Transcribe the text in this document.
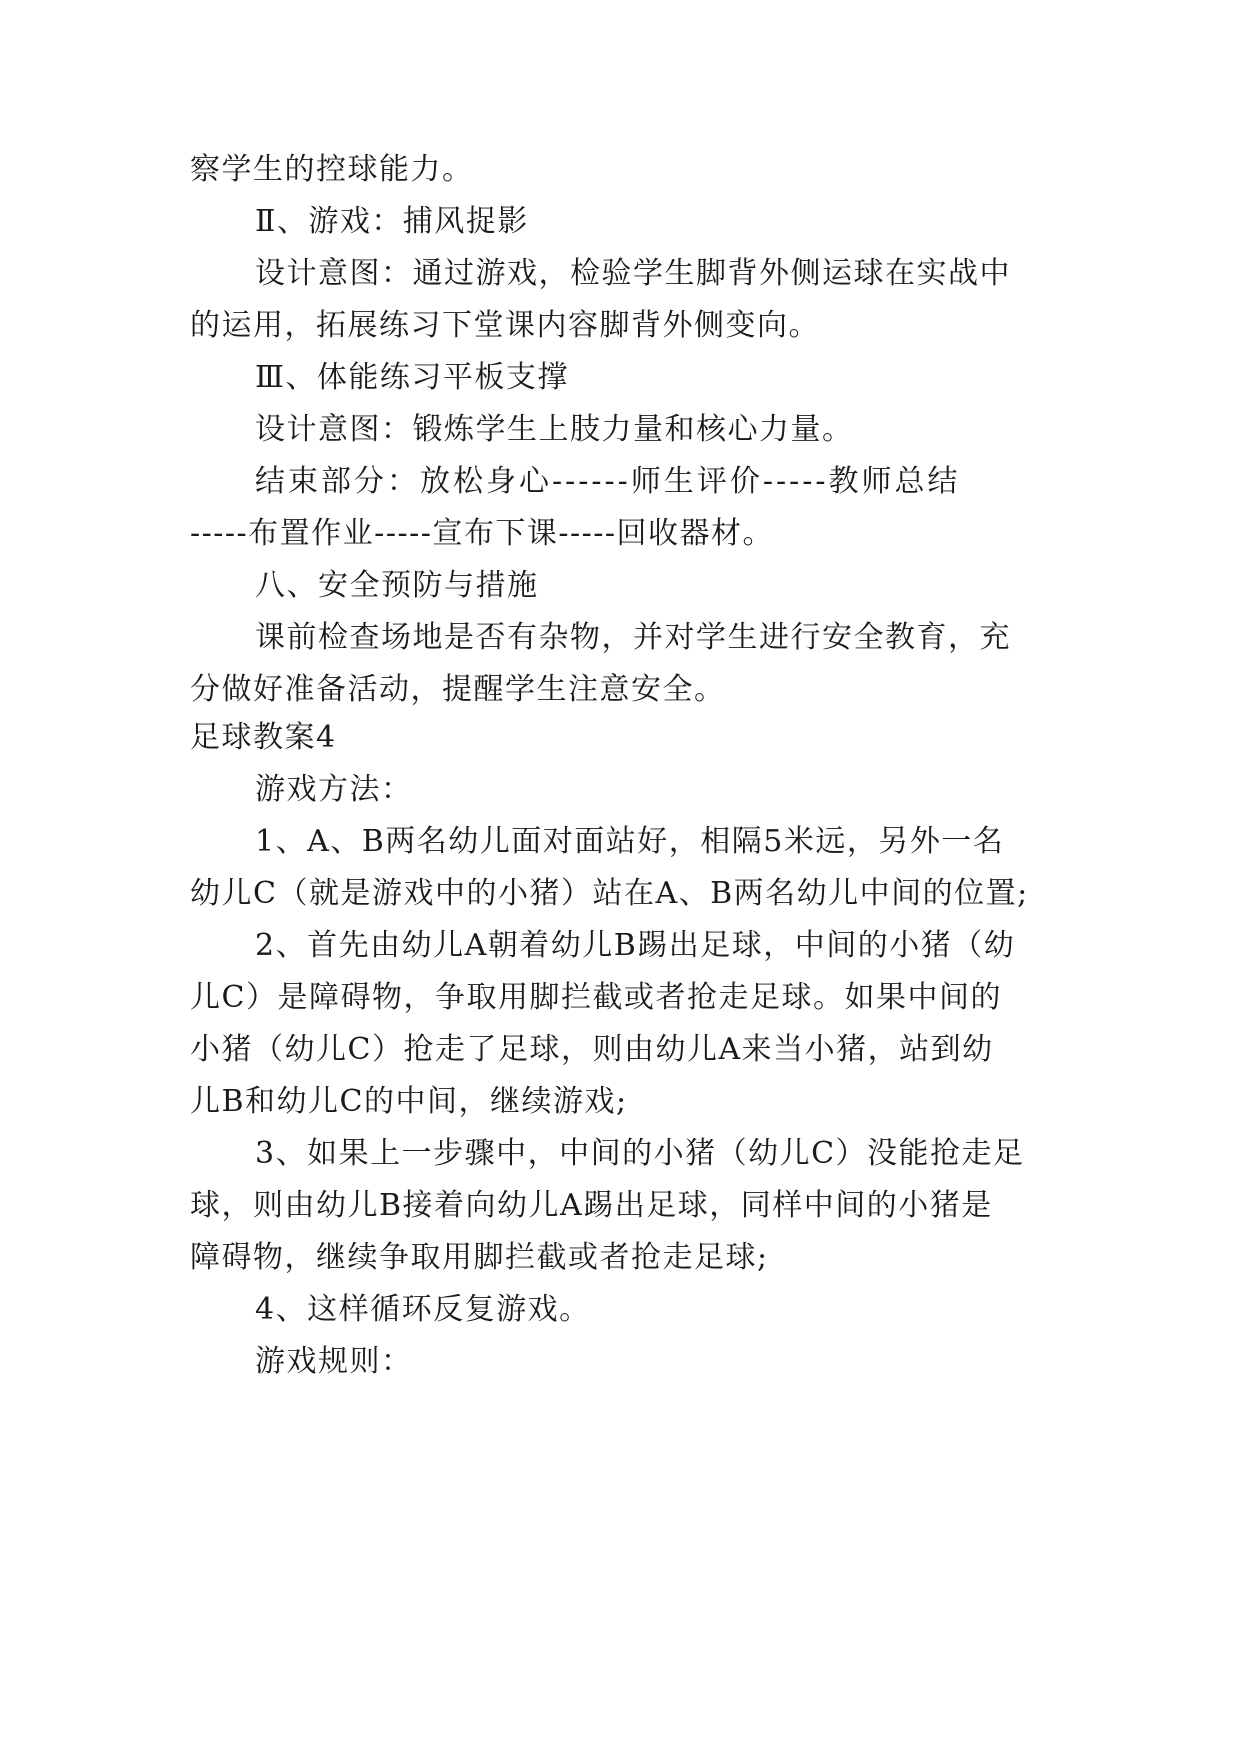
察学生的控球能力。
Ⅱ、游戏：捕风捉影
设计意图：通过游戏，检验学生脚背外侧运球在实战中
的运用，拓展练习下堂课内容脚背外侧变向。
Ⅲ、体能练习平板支撑
设计意图：锻炼学生上肢力量和核心力量。
结束部分：放松身心------师生评价-----教师总结
-----布置作业-----宣布下课-----回收器材。
八、安全预防与措施
课前检查场地是否有杂物，并对学生进行安全教育，充
分做好准备活动，提醒学生注意安全。
足球教案4
游戏方法：
1、A、B两名幼儿面对面站好，相隔5米远，另外一名
幼儿C（就是游戏中的小猪）站在A、B两名幼儿中间的位置;
2、首先由幼儿A朝着幼儿B踢出足球，中间的小猪（幼
儿C）是障碍物，争取用脚拦截或者抢走足球。如果中间的
小猪（幼儿C）抢走了足球，则由幼儿A来当小猪，站到幼
儿B和幼儿C的中间，继续游戏;
3、如果上一步骤中，中间的小猪（幼儿C）没能抢走足
球，则由幼儿B接着向幼儿A踢出足球，同样中间的小猪是
障碍物，继续争取用脚拦截或者抢走足球;
4、这样循环反复游戏。
游戏规则：
